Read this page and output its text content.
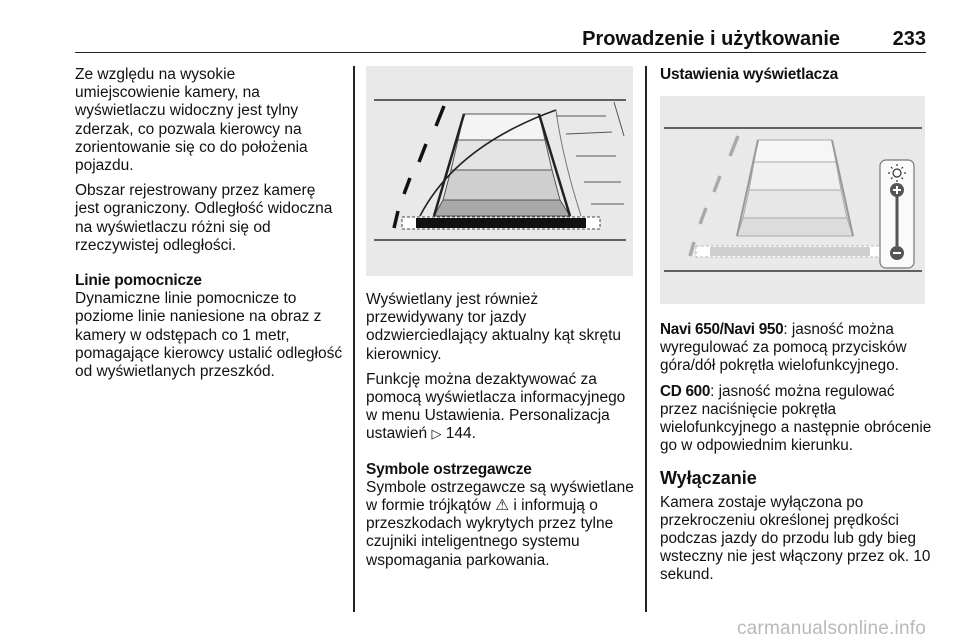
Prowadzenie i użytkowanie	233

Ze względu na wysokie umiejscowienie kamery, na wyświetlaczu widoczny jest tylny zderzak, co pozwala kierowcy na zorientowanie się co do położenia pojazdu.

Obszar rejestrowany przez kamerę jest ograniczony. Odległość widoczna na wyświetlaczu różni się od rzeczywistej odległości.

Linie pomocnicze

Dynamiczne linie pomocnicze to poziome linie naniesione na obraz z kamery w odstępach co 1 metr, pomagające kierowcy ustalić odległość od wyświetlanych przeszkód.

Wyświetlany jest również przewidywany tor jazdy odzwierciedlający aktualny kąt skrętu kierownicy.

Funkcję można dezaktywować za pomocą wyświetlacza informacyjnego w menu Ustawienia. Personalizacja ustawień ▷ 144.

Symbole ostrzegawcze

Symbole ostrzegawcze są wyświetlane w formie trójkątów ⚠ i informują o przeszkodach wykrytych przez tylne czujniki inteligentnego systemu wspomagania parkowania.

Ustawienia wyświetlacza

Navi 650/Navi 950: jasność można wyregulować za pomocą przycisków góra/dół pokrętła wielofunkcyjnego.

CD 600: jasność można regulować przez naciśnięcie pokrętła wielofunkcyjnego a następnie obrócenie go w odpowiednim kierunku.

Wyłączanie

Kamera zostaje wyłączona po przekroczeniu określonej prędkości podczas jazdy do przodu lub gdy bieg wsteczny nie jest włączony przez ok. 10 sekund.

carmanualsonline.info
